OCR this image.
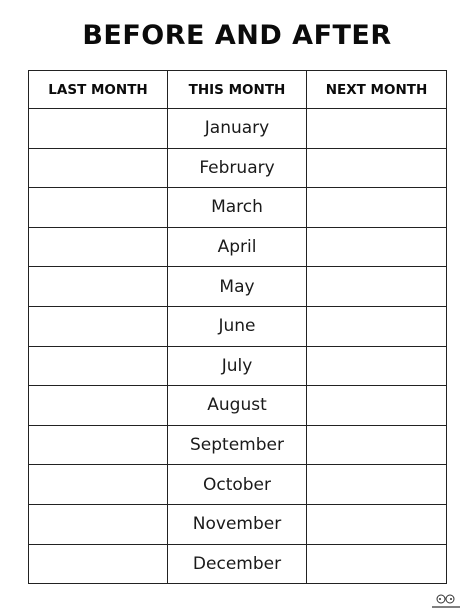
BEFORE AND AFTER
LAST MONTH	THIS MONTH	NEXT MONTH
	January	
	February	
	March	
	April	
	May	
	June	
	July	
	August	
	September	
	October	
	November	
	December	
